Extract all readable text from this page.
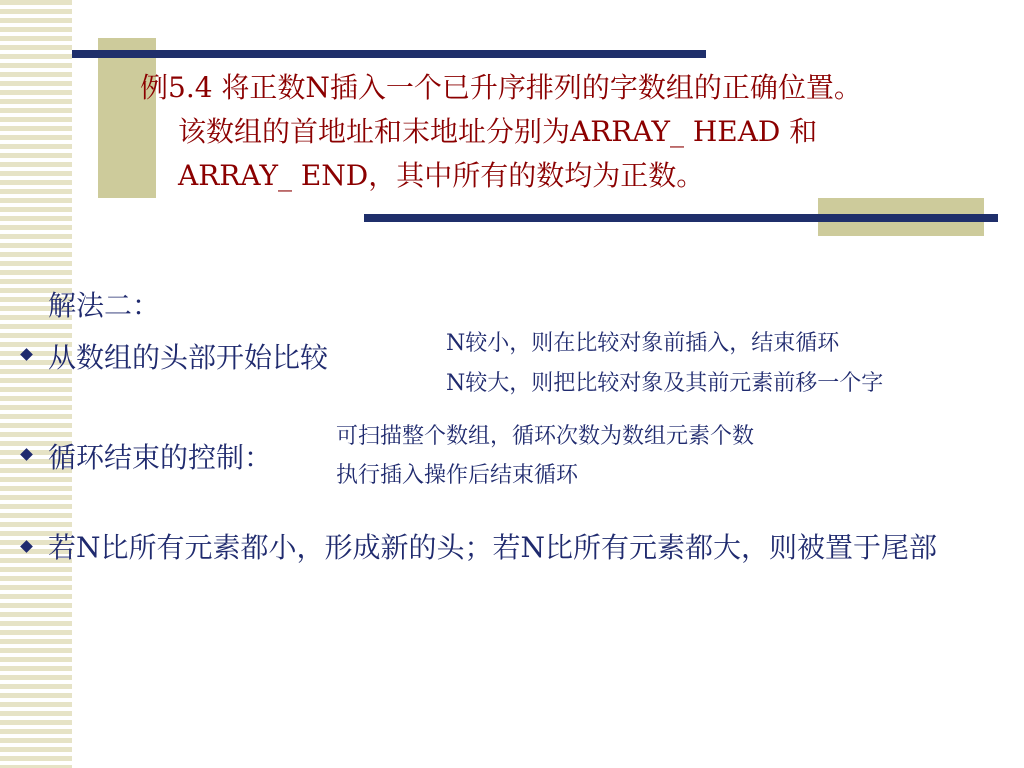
例5.4 将正数N插入一个已升序排列的字数组的正确位置。
该数组的首地址和末地址分别为ARRAY_ HEAD 和
ARRAY_ END，其中所有的数均为正数。
解法二：
从数组的头部开始比较	N较小，则在比较对象前插入，结束循环
N较大，则把比较对象及其前元素前移一个字
循环结束的控制：
可扫描整个数组，循环次数为数组元素个数
执行插入操作后结束循环
若N比所有元素都小，形成新的头；若N比所有元素都大，则被置于尾部
